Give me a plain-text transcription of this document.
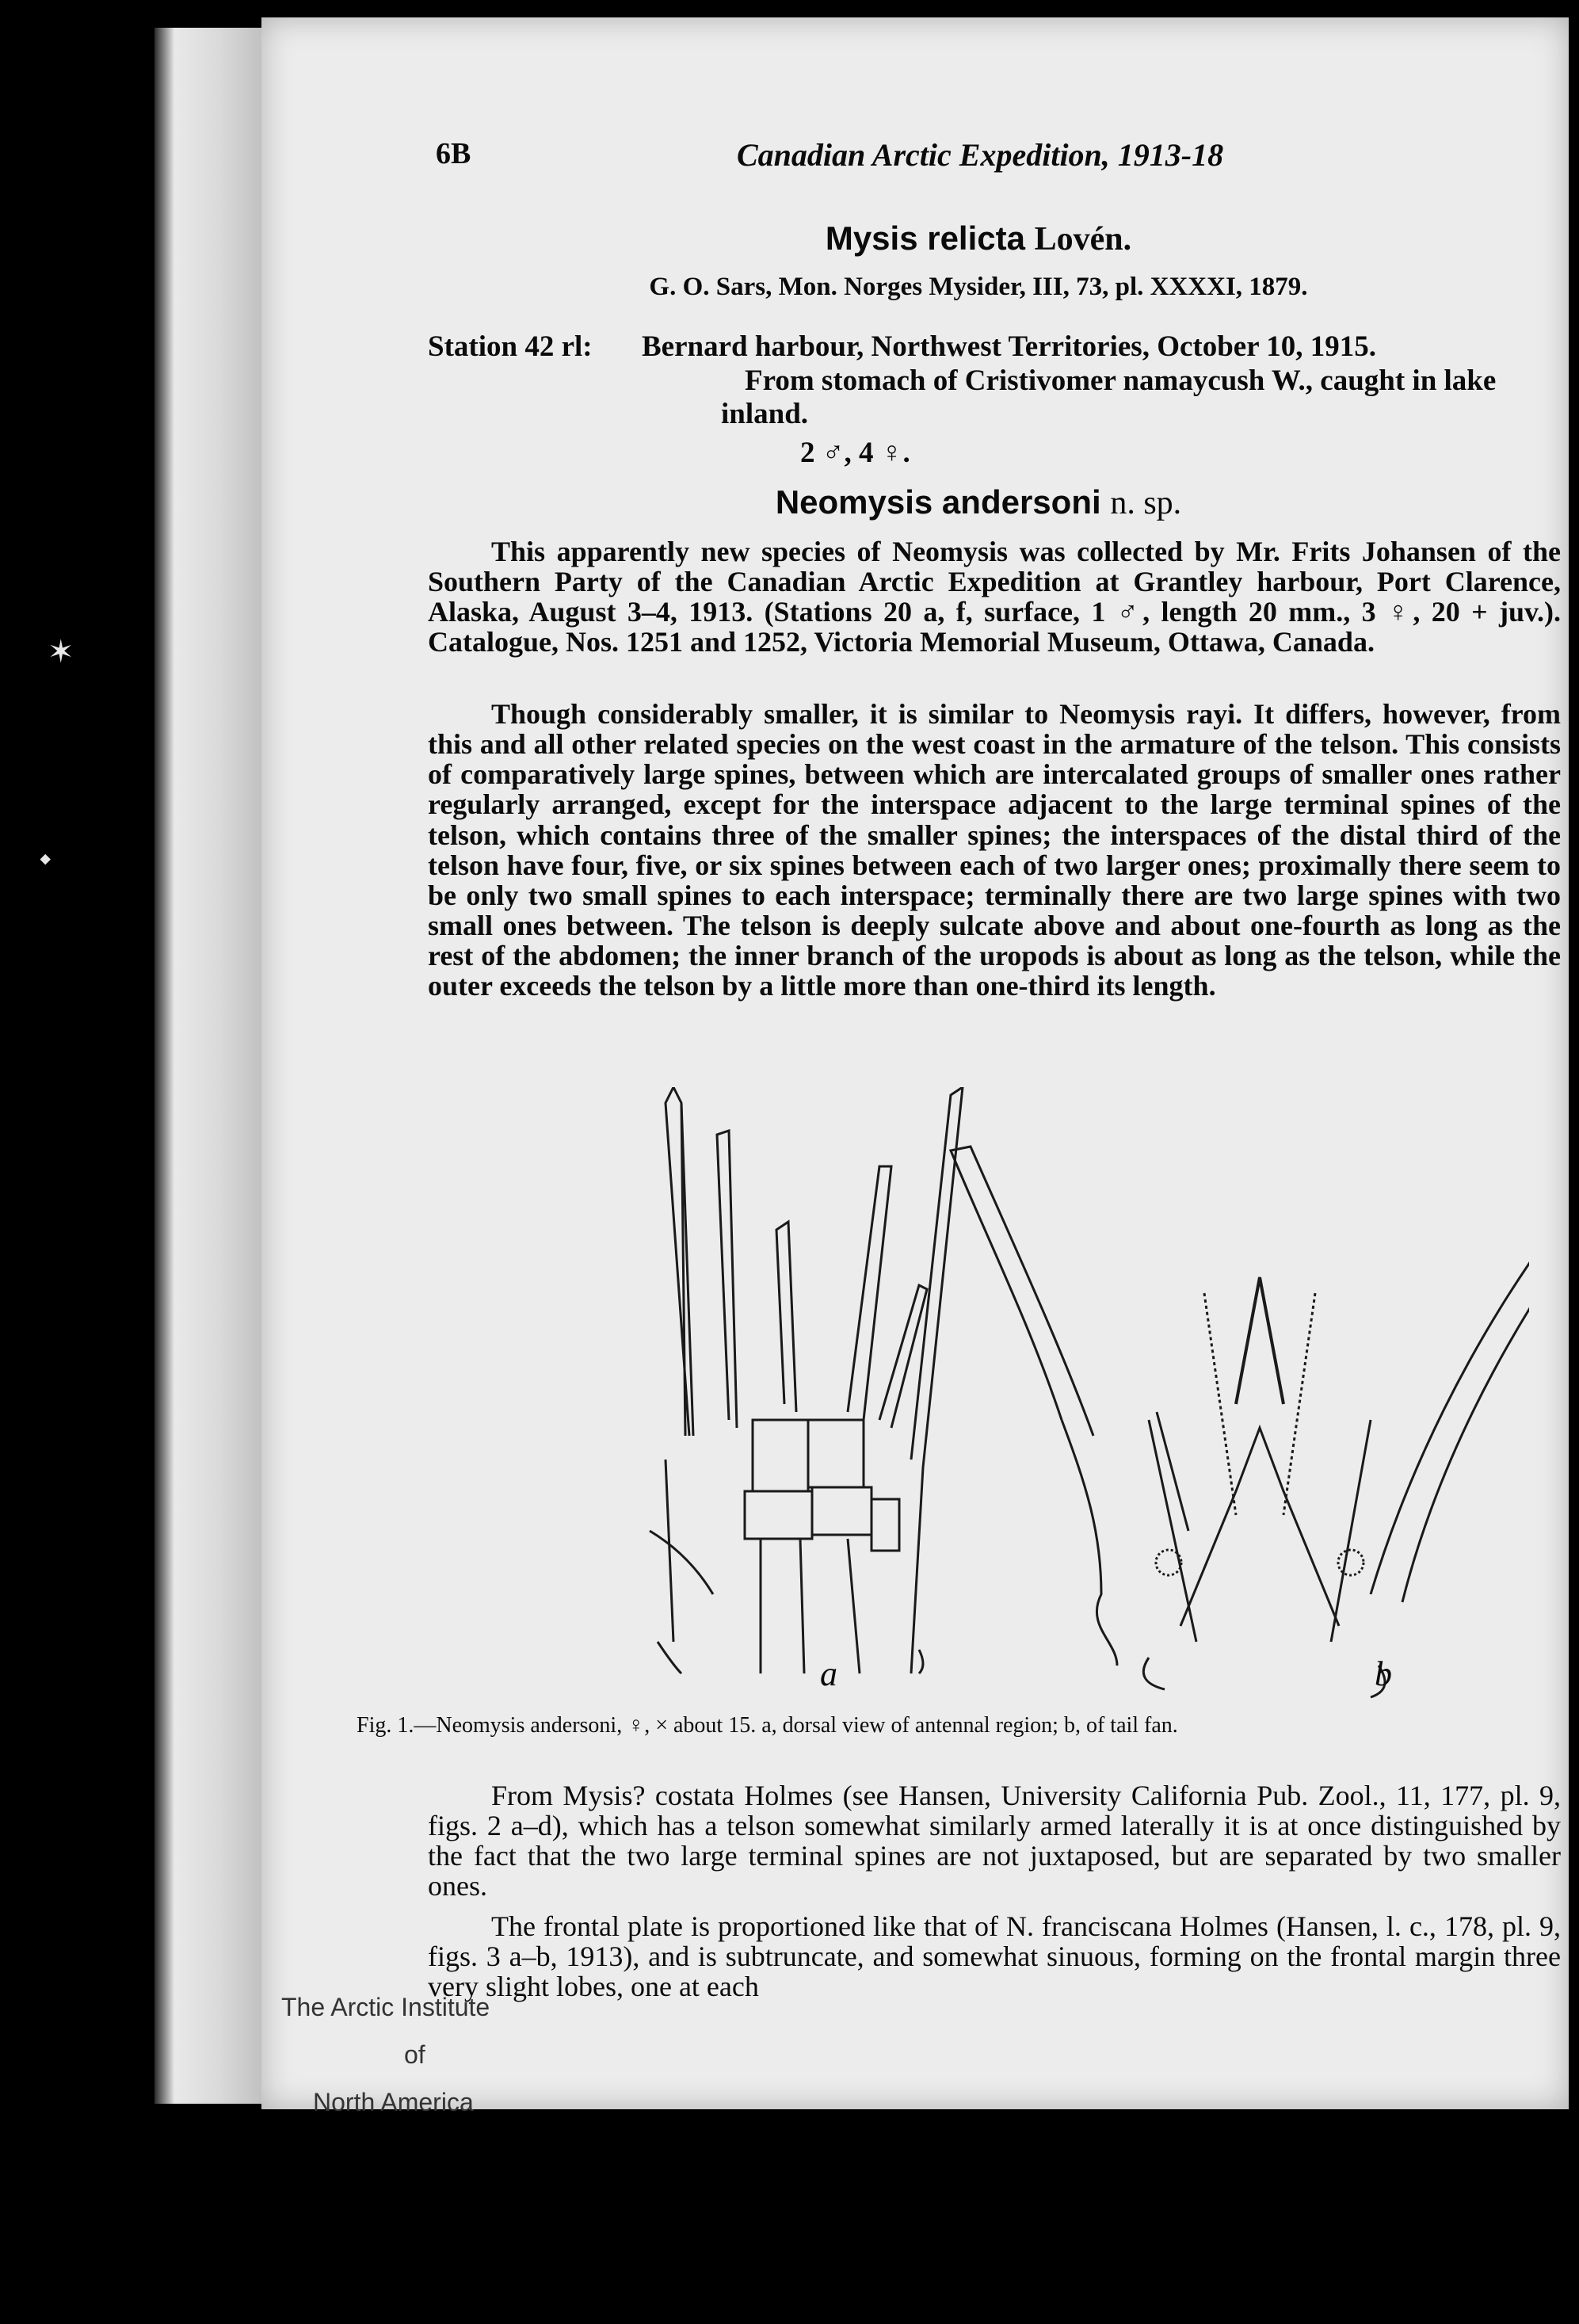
✶
⬩
6B	Canadian Arctic Expedition, 1913-18
Mysis relicta Lovén.
G. O. Sars, Mon. Norges Mysider, III, 73, pl. XXXXI, 1879.
Station 42 rl: Bernard harbour, Northwest Territories, October 10, 1915.
From stomach of Cristivomer namaycush W., caught in lake
inland.
2 ♂, 4 ♀.
Neomysis andersoni n. sp.
This apparently new species of Neomysis was collected by Mr. Frits Johansen of the Southern Party of the Canadian Arctic Expedition at Grantley harbour, Port Clarence, Alaska, August 3–4, 1913. (Stations 20 a, f, surface, 1 ♂, length 20 mm., 3 ♀, 20 + juv.). Catalogue, Nos. 1251 and 1252, Victoria Memorial Museum, Ottawa, Canada.
Though considerably smaller, it is similar to Neomysis rayi. It differs, however, from this and all other related species on the west coast in the armature of the telson. This consists of comparatively large spines, between which are intercalated groups of smaller ones rather regularly arranged, except for the interspace adjacent to the large terminal spines of the telson, which contains three of the smaller spines; the interspaces of the distal third of the telson have four, five, or six spines between each of two larger ones; proximally there seem to be only two small spines to each interspace; terminally there are two large spines with two small ones between. The telson is deeply sulcate above and about one-fourth as long as the rest of the abdomen; the inner branch of the uropods is about as long as the telson, while the outer exceeds the telson by a little more than one-third its length.
a	b
Fig. 1.—Neomysis andersoni, ♀, × about 15. a, dorsal view of antennal region; b, of tail fan.
From Mysis? costata Holmes (see Hansen, University California Pub. Zool., 11, 177, pl. 9, figs. 2 a–d), which has a telson somewhat similarly armed laterally it is at once distinguished by the fact that the two large terminal spines are not juxtaposed, but are separated by two smaller ones.
The frontal plate is proportioned like that of N. franciscana Holmes (Hansen, l. c., 178, pl. 9, figs. 3 a–b, 1913), and is subtruncate, and somewhat sinuous, forming on the frontal margin three very slight lobes, one at each
The Arctic Institute
of
North America
